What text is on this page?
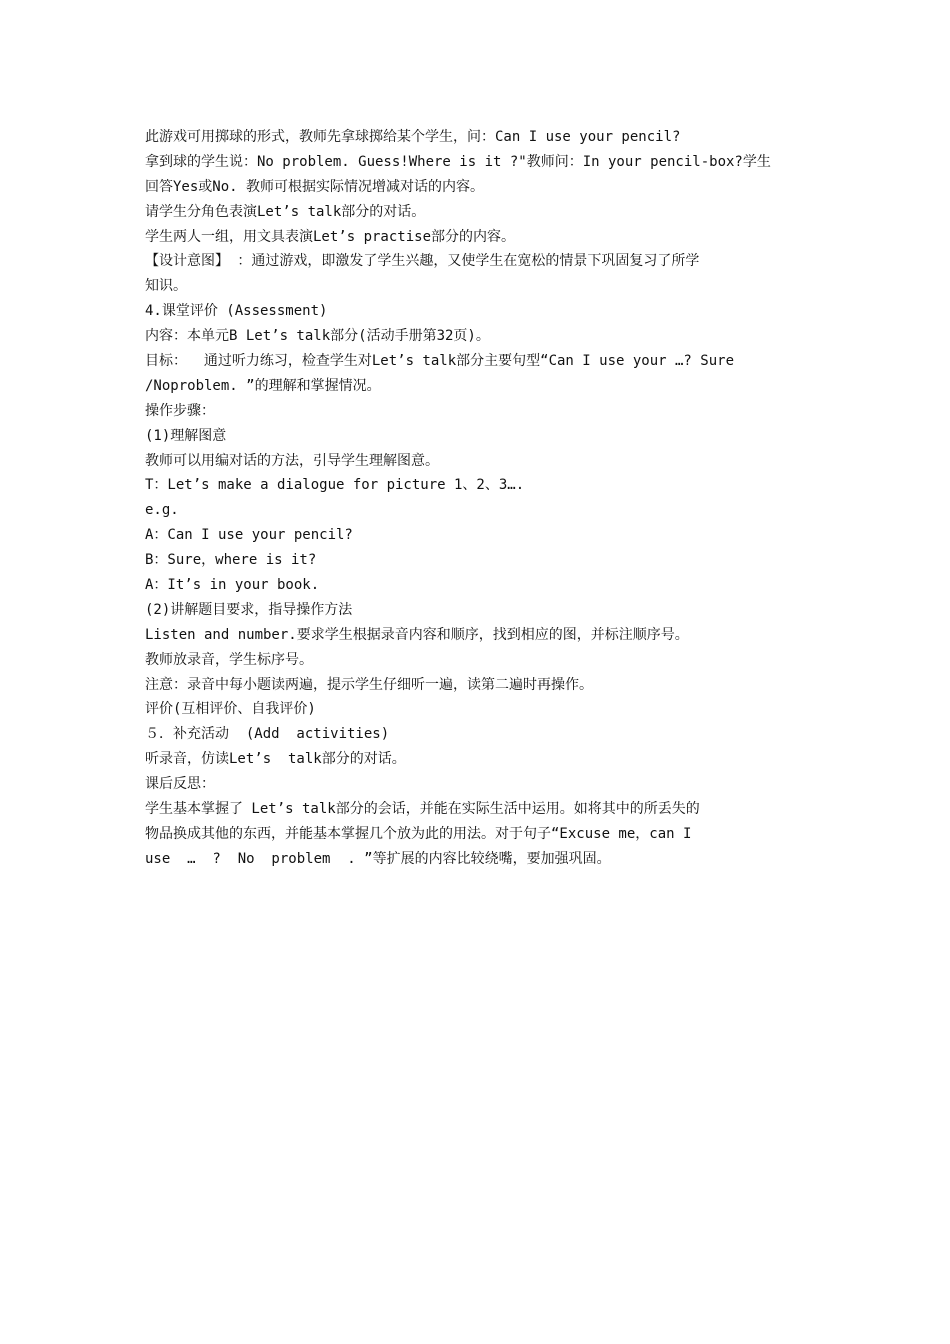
此游戏可用掷球的形式，教师先拿球掷给某个学生，问：Can I use your pencil?
拿到球的学生说：No problem. Guess!Where is it ?"教师问：In your pencil-box?学生
回答Yes或No. 教师可根据实际情况增减对话的内容。
请学生分角色表演Let’s talk部分的对话。
学生两人一组，用文具表演Let’s practise部分的内容。
【设计意图】 ：通过游戏，即激发了学生兴趣，又使学生在宽松的情景下巩固复习了所学
知识。
4.课堂评价 (Assessment)
内容：本单元B Let’s talk部分(活动手册第32页)。
目标：  通过听力练习，检查学生对Let’s talk部分主要句型“Can I use your …? Sure
/Noproblem. ”的理解和掌握情况。
操作步骤：
(1)理解图意
教师可以用编对话的方法，引导学生理解图意。
T：Let’s make a dialogue for picture 1、2、3….
e.g.
A：Can I use your pencil?
B：Sure，where is it?
A：It’s in your book.
(2)讲解题目要求，指导操作方法
Listen and number.要求学生根据录音内容和顺序，找到相应的图，并标注顺序号。
教师放录音，学生标序号。
注意：录音中每小题读两遍，提示学生仔细听一遍，读第二遍时再操作。
评价(互相评价、自我评价)
５．补充活动  (Add  activities)
听录音，仿读Let’s  talk部分的对话。
课后反思：
学生基本掌握了 Let’s talk部分的会话，并能在实际生活中运用。如将其中的所丢失的
物品换成其他的东西，并能基本掌握几个放为此的用法。对于句子“Excuse me，can I
use  …  ?  No  problem  . ”等扩展的内容比较绕嘴，要加强巩固。
